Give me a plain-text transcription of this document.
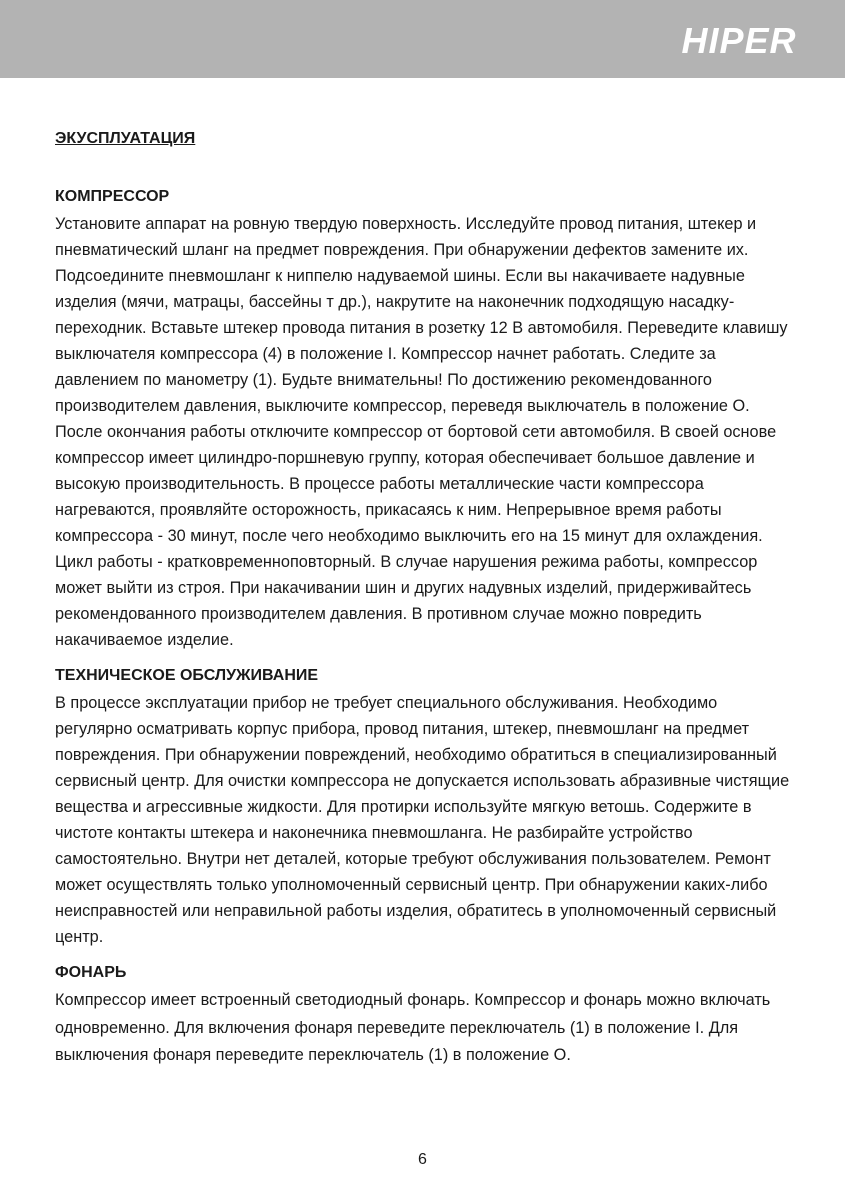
HIPER
ЭКУСПЛУАТАЦИЯ
КОМПРЕССОР

Установите аппарат на ровную твердую поверхность. Исследуйте провод питания, штекер и пневматический шланг на предмет повреждения. При обнаружении дефектов замените их. Подсоедините пневмошланг к ниппелю надуваемой шины. Если вы накачиваете надувные изделия (мячи, матрацы, бассейны т др.), накрутите на наконечник подходящую насадку-переходник. Вставьте штекер провода питания в розетку 12 В автомобиля. Переведите клавишу выключателя компрессора (4) в положение I. Компрессор начнет работать. Следите за давлением по манометру (1). Будьте внимательны! По достижению рекомендованного производителем давления, выключите компрессор, переведя выключатель в положение O. После окончания работы отключите компрессор от бортовой сети автомобиля. В своей основе компрессор имеет цилиндро-поршневую группу, которая обеспечивает большое давление и высокую производительность. В процессе работы металлические части компрессора нагреваются, проявляйте осторожность, прикасаясь к ним. Непрерывное время работы компрессора - 30 минут, после чего необходимо выключить его на 15 минут для охлаждения. Цикл работы - кратковременноповторный. В случае нарушения режима работы, компрессор может выйти из строя. При накачивании шин и других надувных изделий, придерживайтесь рекомендованного производителем давления. В противном случае можно повредить накачиваемое изделие.

ТЕХНИЧЕСКОЕ ОБСЛУЖИВАНИЕ

В процессе эксплуатации прибор не требует специального обслуживания. Необходимо регулярно осматривать корпус прибора, провод питания, штекер, пневмошланг на предмет повреждения. При обнаружении повреждений, необходимо обратиться в специализированный сервисный центр. Для очистки компрессора не допускается использовать абразивные чистящие вещества и агрессивные жидкости. Для протирки используйте мягкую ветошь. Содержите в чистоте контакты штекера и наконечника пневмошланга. Не разбирайте устройство самостоятельно. Внутри нет деталей, которые требуют обслуживания пользователем. Ремонт может осуществлять только уполномоченный сервисный центр. При обнаружении каких-либо неисправностей или неправильной работы изделия, обратитесь в уполномоченный сервисный центр.

ФОНАРЬ

Компрессор имеет встроенный светодиодный фонарь. Компрессор и фонарь можно включать одновременно. Для включения фонаря переведите переключатель (1) в положение I. Для выключения фонаря переведите переключатель (1) в положение O.

6
